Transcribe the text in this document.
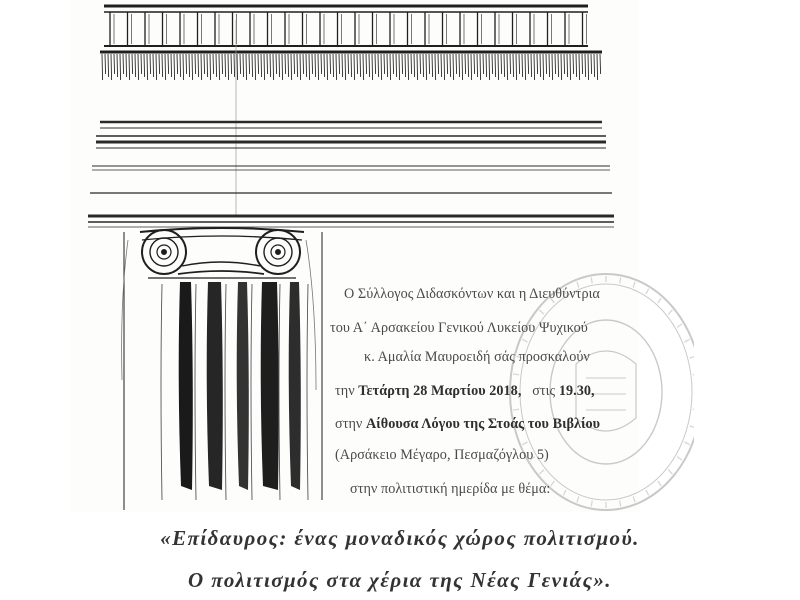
Ο Σύλλογος Διδασκόντων και η Διευθύντρια
του Α΄ Αρσακείου Γενικού Λυκείου Ψυχικού
κ. Αμαλία Μαυροειδή σάς προσκαλούν
την Τετάρτη 28 Μαρτίου 2018, στις 19.30,
στην Αίθουσα Λόγου της Στοάς του Βιβλίου
(Αρσάκειο Μέγαρο, Πεσμαζόγλου 5)
στην πολιτιστική ημερίδα με θέμα:
«Επίδαυρος: ένας μοναδικός χώρος πολιτισμού.
Ο πολιτισμός στα χέρια της Νέας Γενιάς».
